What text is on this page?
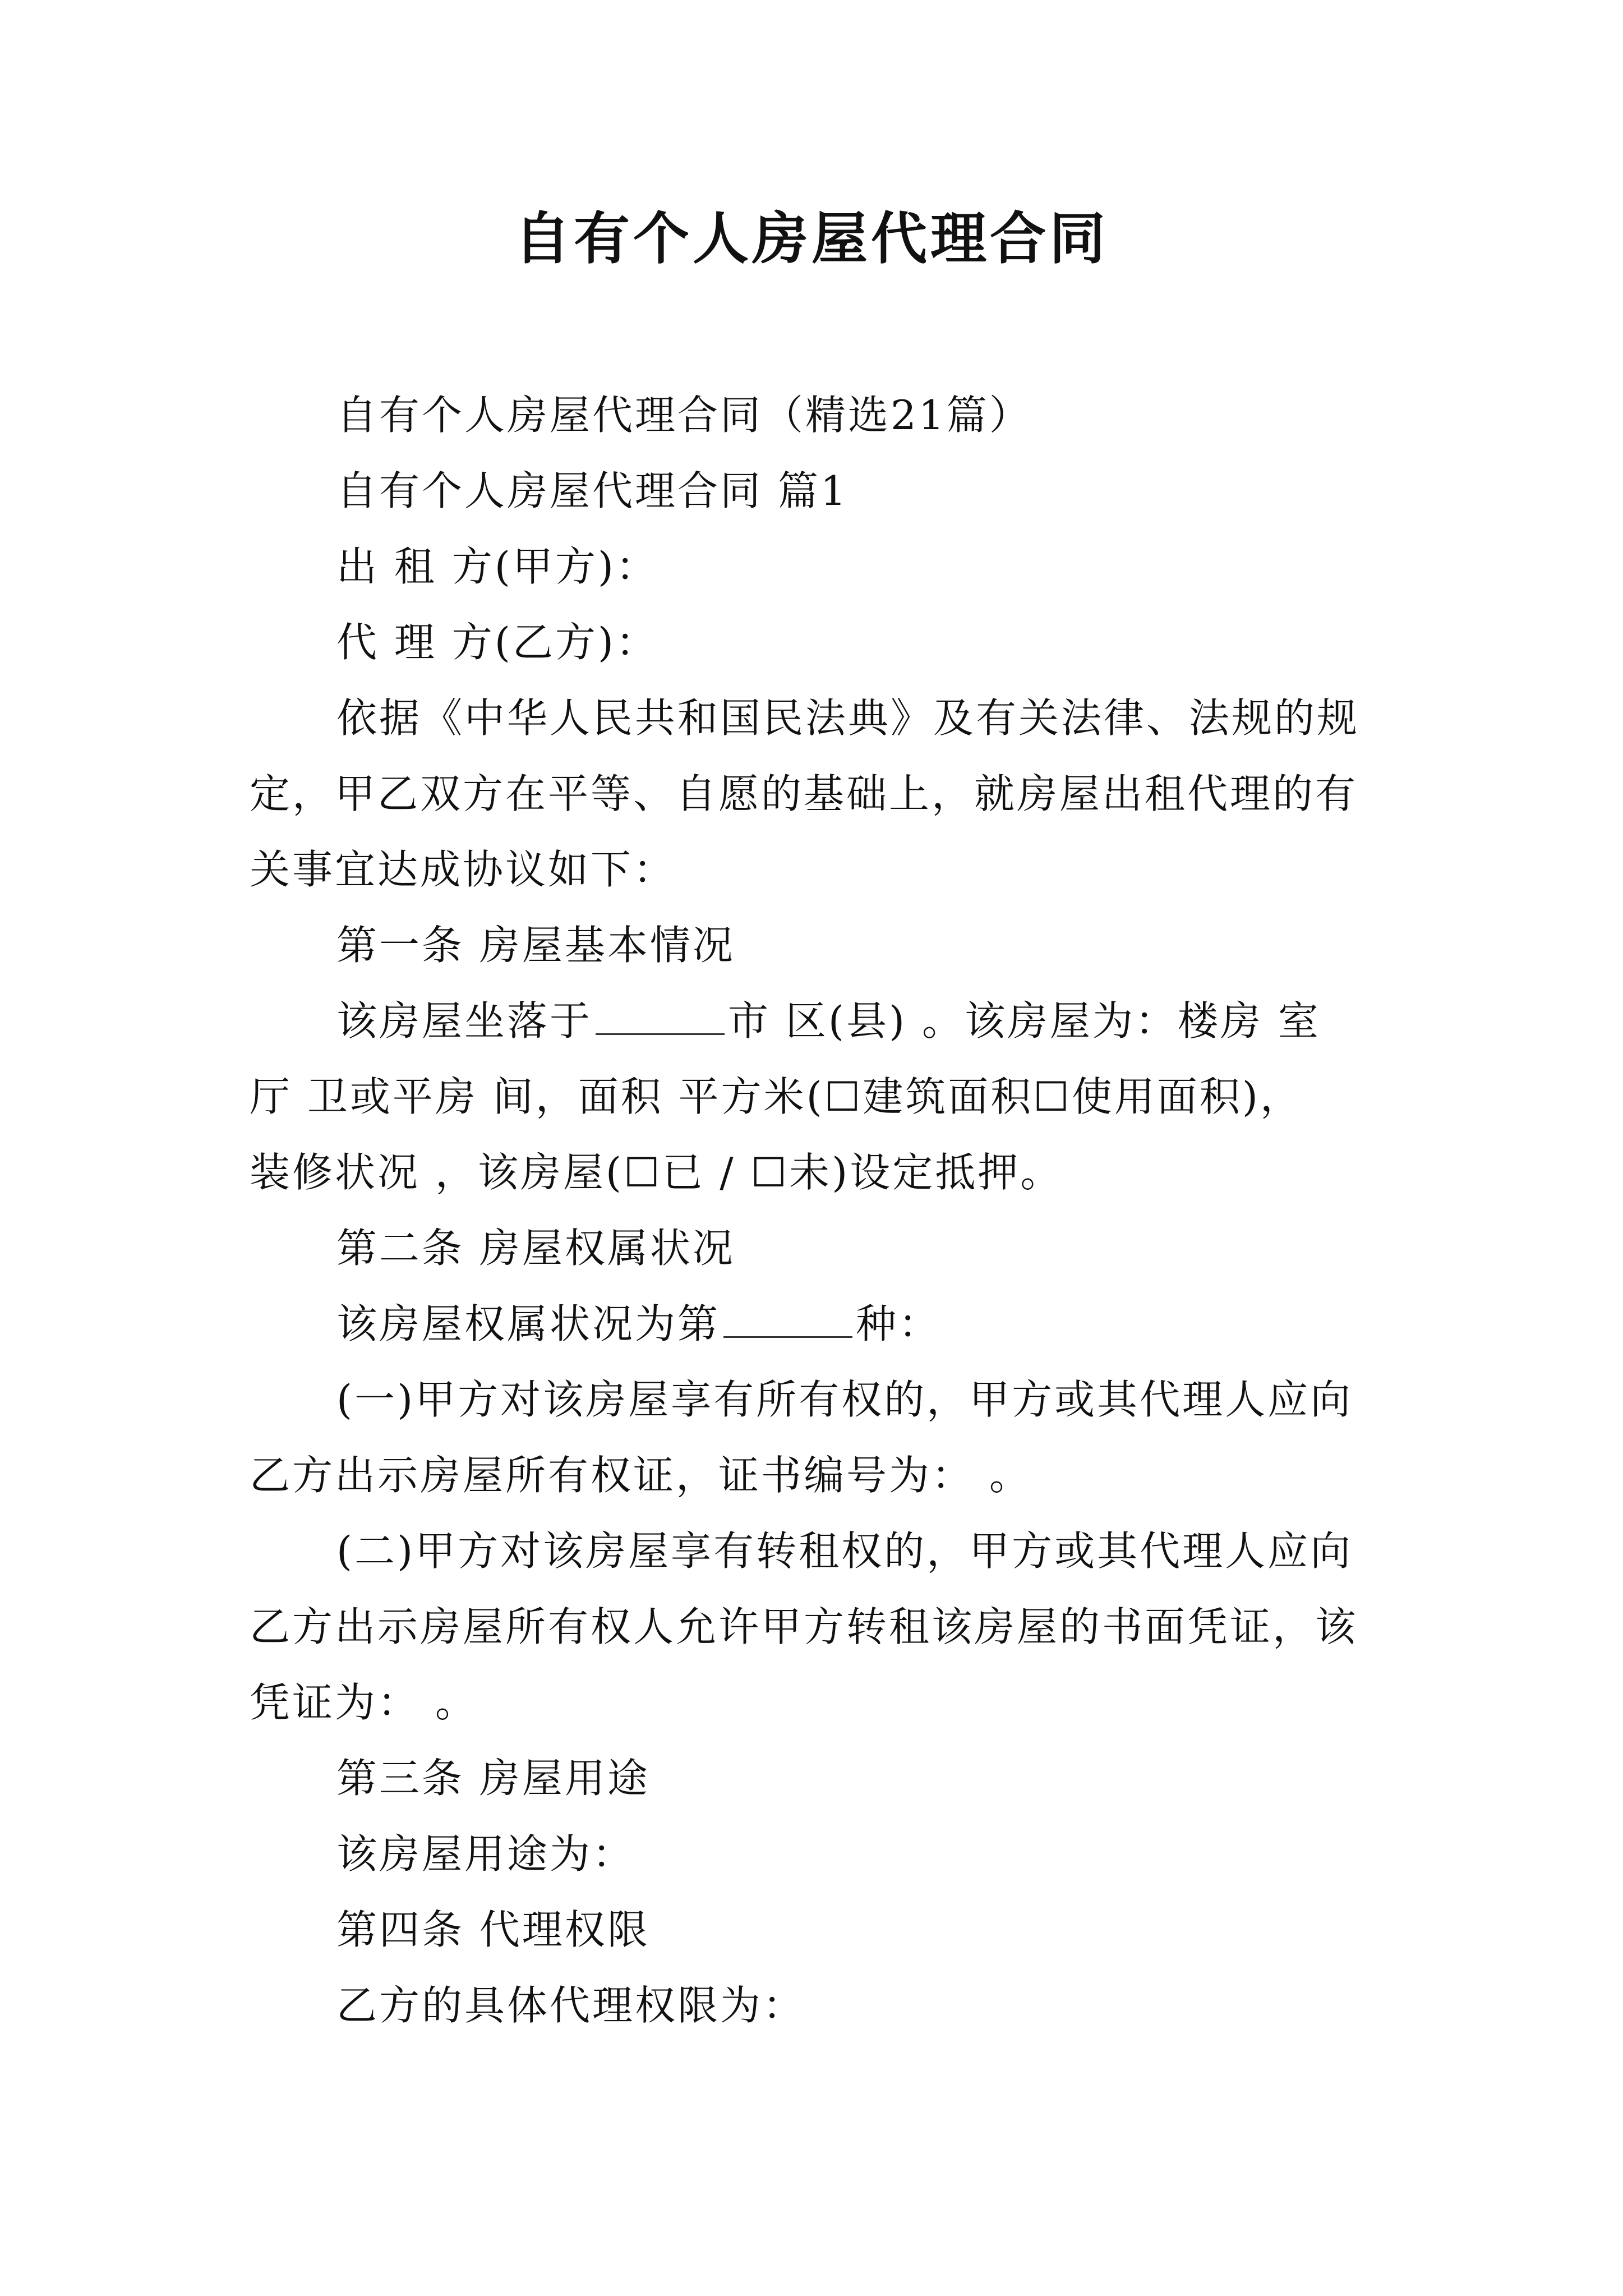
自有个人房屋代理合同
自有个人房屋代理合同（精选21篇）
自有个人房屋代理合同 篇1
出 租 方(甲方)：
代 理 方(乙方)：
依据《中华人民共和国民法典》及有关法律、法规的规
定，甲乙双方在平等、自愿的基础上，就房屋出租代理的有
关事宜达成协议如下：
第一条 房屋基本情况
该房屋坐落于	市 区(县) 。该房屋为：楼房 室
厅 卫或平房 间，面积 平方米(☐建筑面积☐使用面积)，
装修状况 ，该房屋(☐已 / ☐未)设定抵押。
第二条 房屋权属状况
该房屋权属状况为第	种：
(一)甲方对该房屋享有所有权的，甲方或其代理人应向
乙方出示房屋所有权证，证书编号为： 。
(二)甲方对该房屋享有转租权的，甲方或其代理人应向
乙方出示房屋所有权人允许甲方转租该房屋的书面凭证，该
凭证为： 。
第三条 房屋用途
该房屋用途为：
第四条 代理权限
乙方的具体代理权限为：
